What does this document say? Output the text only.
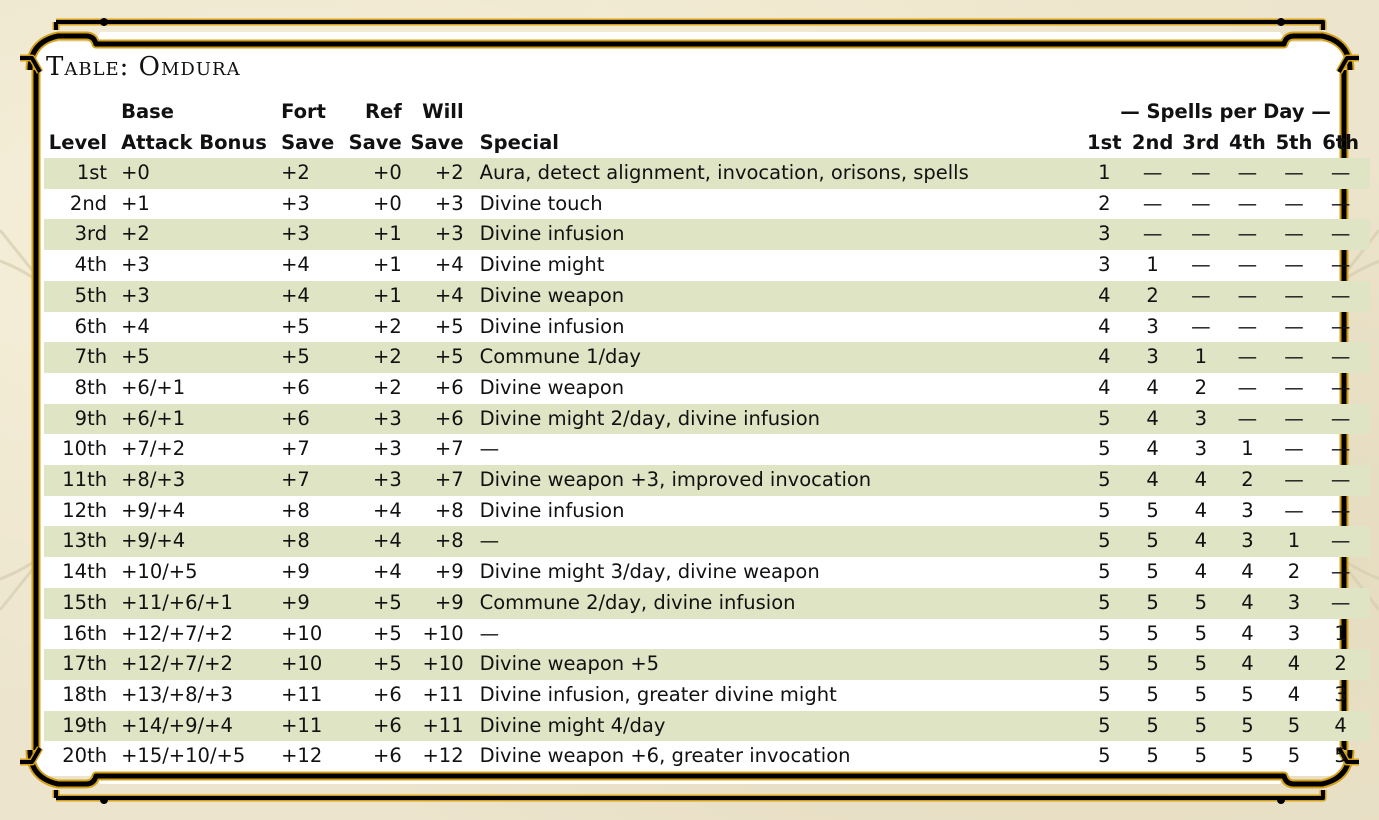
Table: Omdura
	Base	Fort	Ref	Will		— Spells per Day —					
Level	Attack Bonus	Save	Save	Save	Special	1st	2nd	3rd	4th	5th	6th
1st	+0	+2	+0	+2	Aura, detect alignment, invocation, orisons, spells	1	—	—	—	—	—
2nd	+1	+3	+0	+3	Divine touch	2	—	—	—	—	—
3rd	+2	+3	+1	+3	Divine infusion	3	—	—	—	—	—
4th	+3	+4	+1	+4	Divine might	3	1	—	—	—	—
5th	+3	+4	+1	+4	Divine weapon	4	2	—	—	—	—
6th	+4	+5	+2	+5	Divine infusion	4	3	—	—	—	—
7th	+5	+5	+2	+5	Commune 1/day	4	3	1	—	—	—
8th	+6/+1	+6	+2	+6	Divine weapon	4	4	2	—	—	—
9th	+6/+1	+6	+3	+6	Divine might 2/day, divine infusion	5	4	3	—	—	—
10th	+7/+2	+7	+3	+7	—	5	4	3	1	—	—
11th	+8/+3	+7	+3	+7	Divine weapon +3, improved invocation	5	4	4	2	—	—
12th	+9/+4	+8	+4	+8	Divine infusion	5	5	4	3	—	—
13th	+9/+4	+8	+4	+8	—	5	5	4	3	1	—
14th	+10/+5	+9	+4	+9	Divine might 3/day, divine weapon	5	5	4	4	2	—
15th	+11/+6/+1	+9	+5	+9	Commune 2/day, divine infusion	5	5	5	4	3	—
16th	+12/+7/+2	+10	+5	+10	—	5	5	5	4	3	1
17th	+12/+7/+2	+10	+5	+10	Divine weapon +5	5	5	5	4	4	2
18th	+13/+8/+3	+11	+6	+11	Divine infusion, greater divine might	5	5	5	5	4	3
19th	+14/+9/+4	+11	+6	+11	Divine might 4/day	5	5	5	5	5	4
20th	+15/+10/+5	+12	+6	+12	Divine weapon +6, greater invocation	5	5	5	5	5	5
